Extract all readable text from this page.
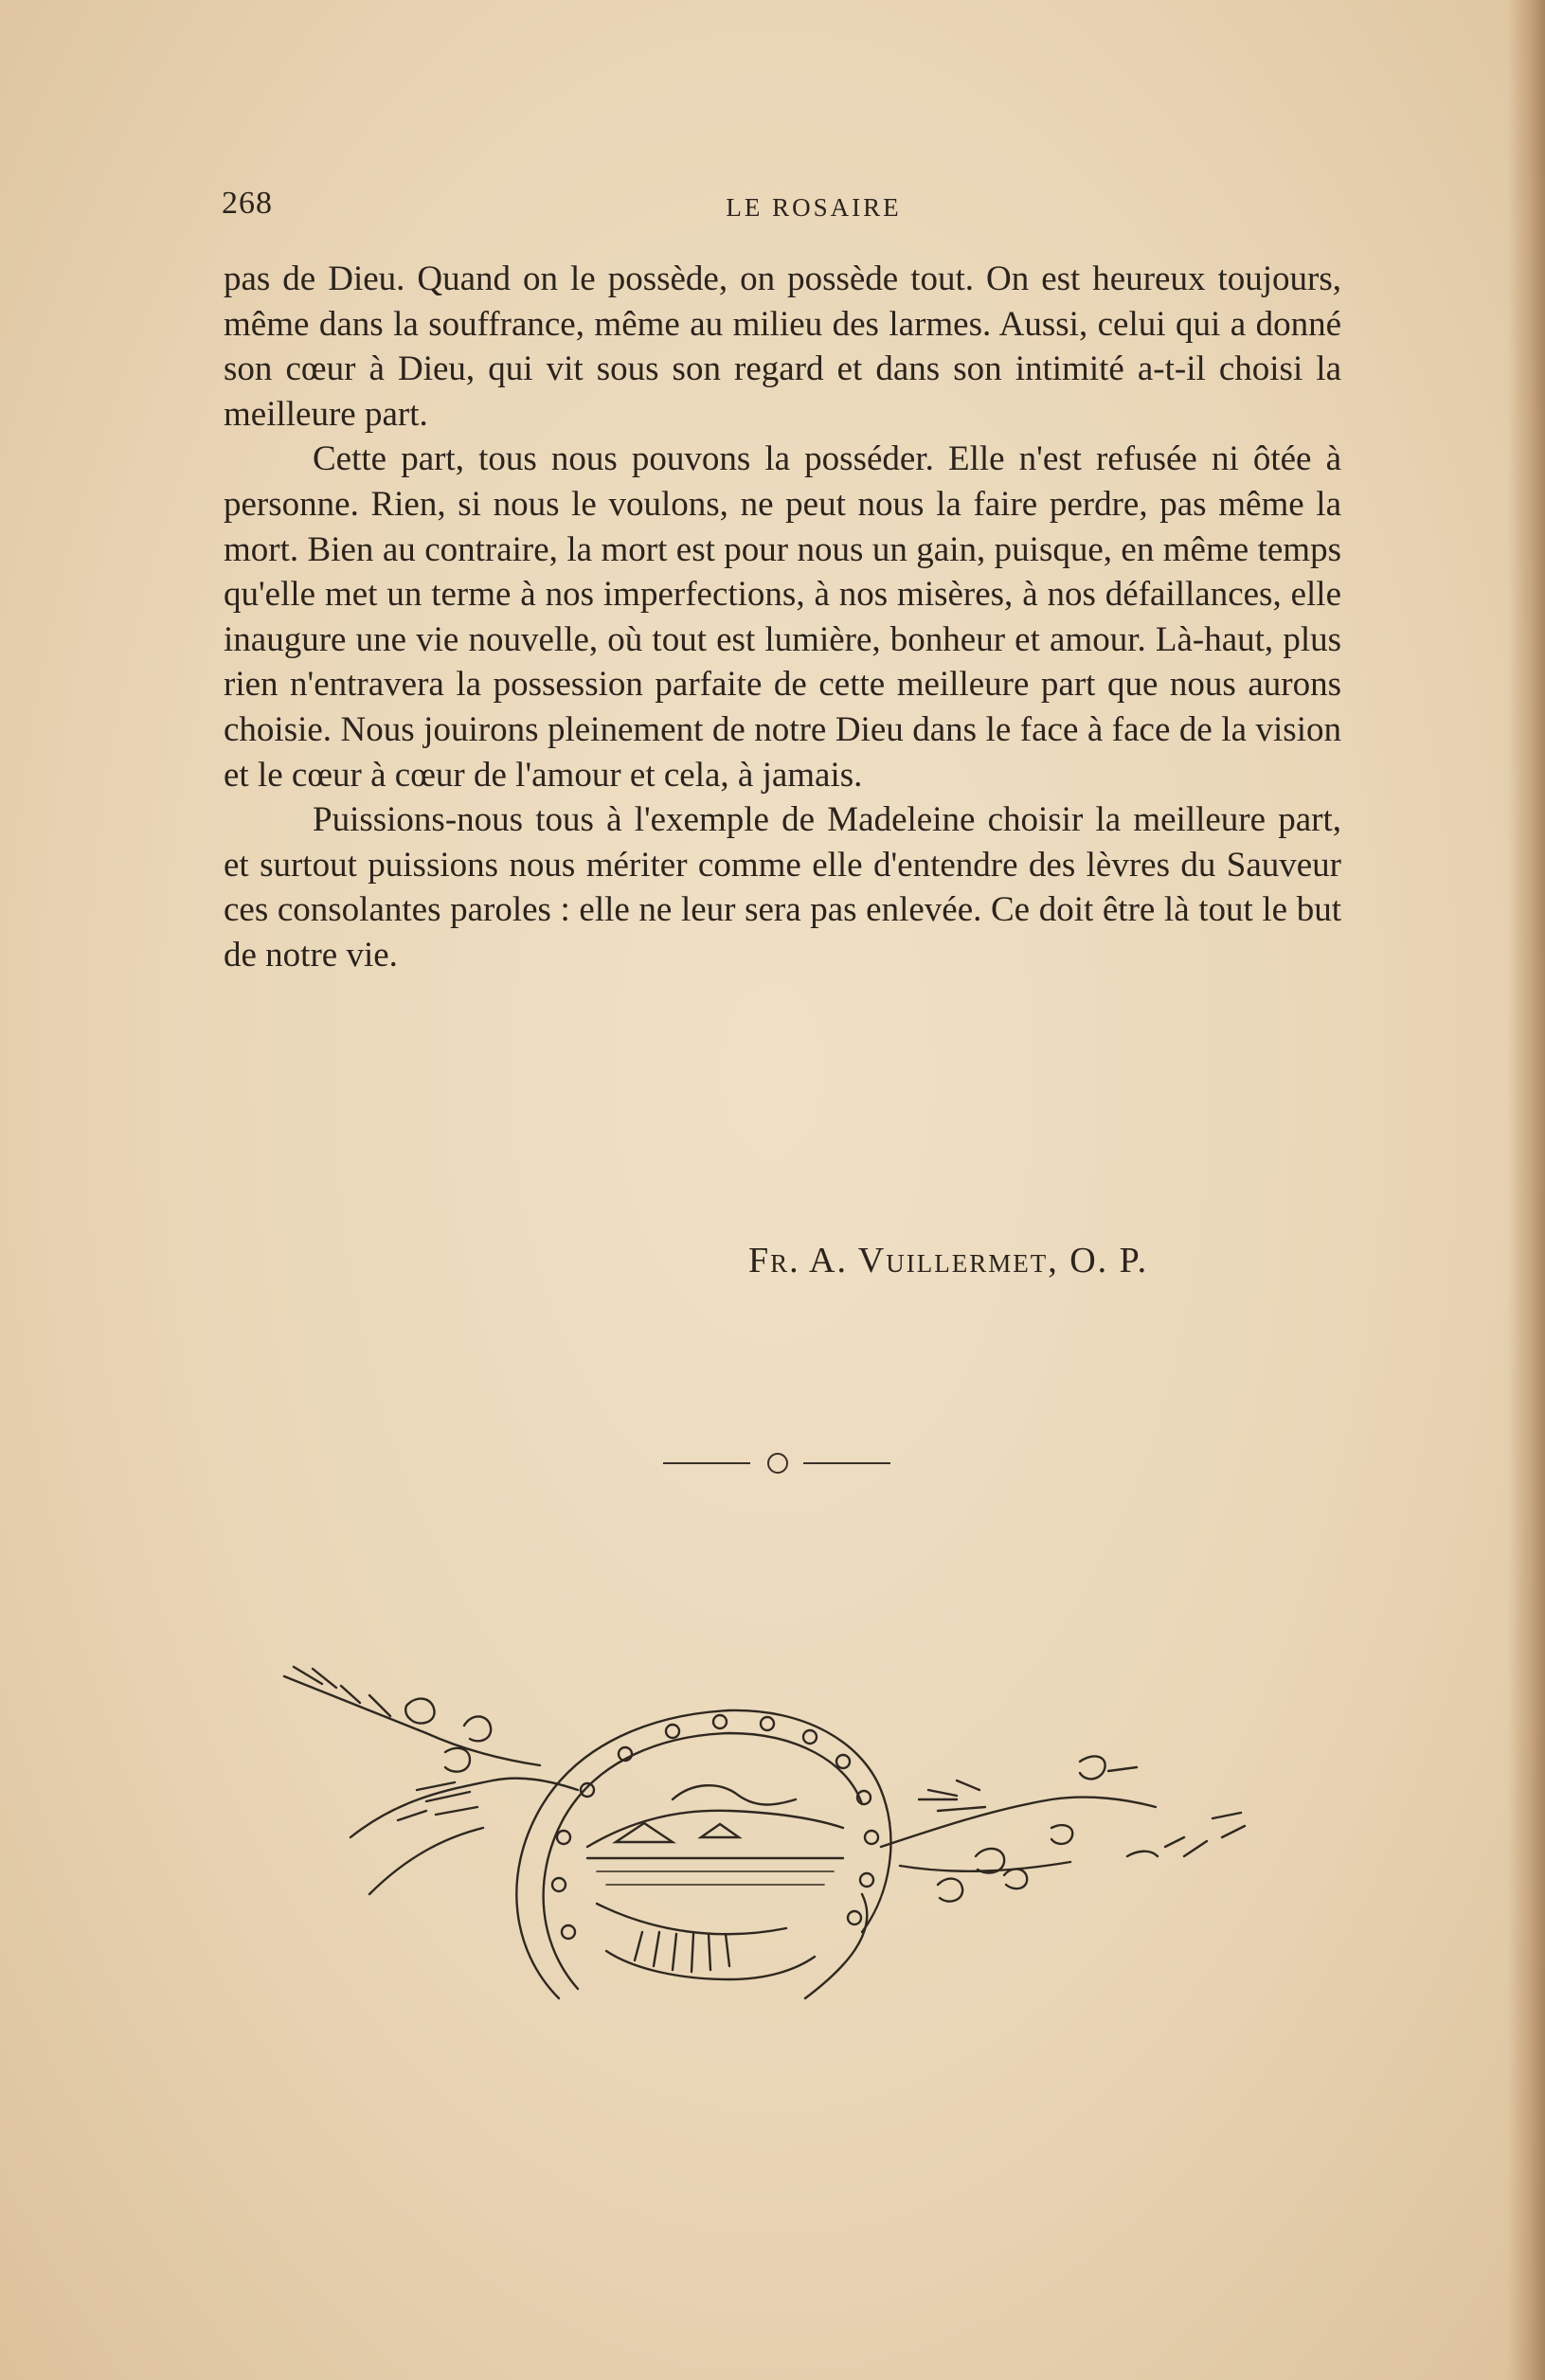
268	LE ROSAIRE

pas de Dieu. Quand on le possède, on possède tout. On est heureux toujours, même dans la souffrance, même au milieu des larmes. Aussi, celui qui a donné son cœur à Dieu, qui vit sous son regard et dans son intimité a-t-il choisi la meilleure part.

Cette part, tous nous pouvons la posséder. Elle n'est refusée ni ôtée à personne. Rien, si nous le voulons, ne peut nous la faire perdre, pas même la mort. Bien au contraire, la mort est pour nous un gain, puisque, en même temps qu'elle met un terme à nos imperfections, à nos misères, à nos défaillances, elle inaugure une vie nouvelle, où tout est lumière, bonheur et amour. Là-haut, plus rien n'entravera la possession parfaite de cette meilleure part que nous aurons choisie. Nous jouirons pleinement de notre Dieu dans le face à face de la vision et le cœur à cœur de l'amour et cela, à jamais.

Puissions-nous tous à l'exemple de Madeleine choisir la meilleure part, et surtout puissions nous mériter comme elle d'entendre des lèvres du Sauveur ces consolantes paroles : elle ne leur sera pas enlevée. Ce doit être là tout le but de notre vie.

Fr. A. Vuillermet, O. P.
